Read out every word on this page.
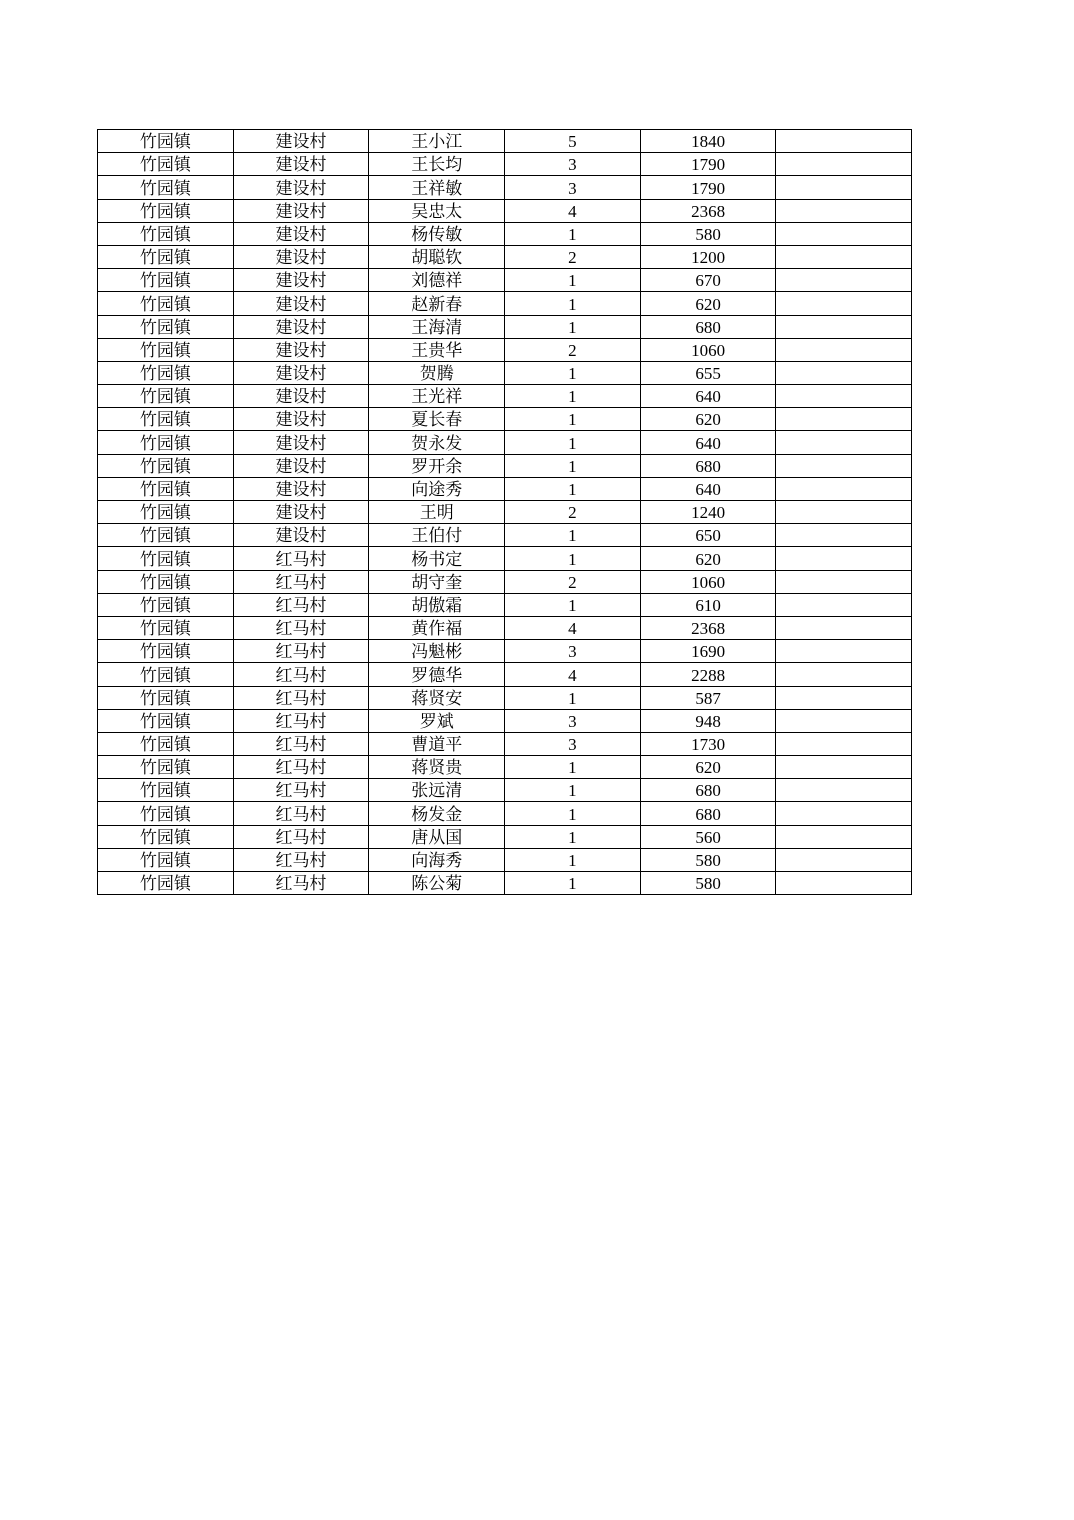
竹园镇	建设村	王小江	5	1840	
竹园镇	建设村	王长均	3	1790	
竹园镇	建设村	王祥敏	3	1790	
竹园镇	建设村	吴忠太	4	2368	
竹园镇	建设村	杨传敏	1	580	
竹园镇	建设村	胡聪钦	2	1200	
竹园镇	建设村	刘德祥	1	670	
竹园镇	建设村	赵新春	1	620	
竹园镇	建设村	王海清	1	680	
竹园镇	建设村	王贵华	2	1060	
竹园镇	建设村	贺腾	1	655	
竹园镇	建设村	王光祥	1	640	
竹园镇	建设村	夏长春	1	620	
竹园镇	建设村	贺永发	1	640	
竹园镇	建设村	罗开余	1	680	
竹园镇	建设村	向途秀	1	640	
竹园镇	建设村	王明	2	1240	
竹园镇	建设村	王伯付	1	650	
竹园镇	红马村	杨书定	1	620	
竹园镇	红马村	胡守奎	2	1060	
竹园镇	红马村	胡傲霜	1	610	
竹园镇	红马村	黄作福	4	2368	
竹园镇	红马村	冯魁彬	3	1690	
竹园镇	红马村	罗德华	4	2288	
竹园镇	红马村	蒋贤安	1	587	
竹园镇	红马村	罗斌	3	948	
竹园镇	红马村	曹道平	3	1730	
竹园镇	红马村	蒋贤贵	1	620	
竹园镇	红马村	张远清	1	680	
竹园镇	红马村	杨发金	1	680	
竹园镇	红马村	唐从国	1	560	
竹园镇	红马村	向海秀	1	580	
竹园镇	红马村	陈公菊	1	580	
